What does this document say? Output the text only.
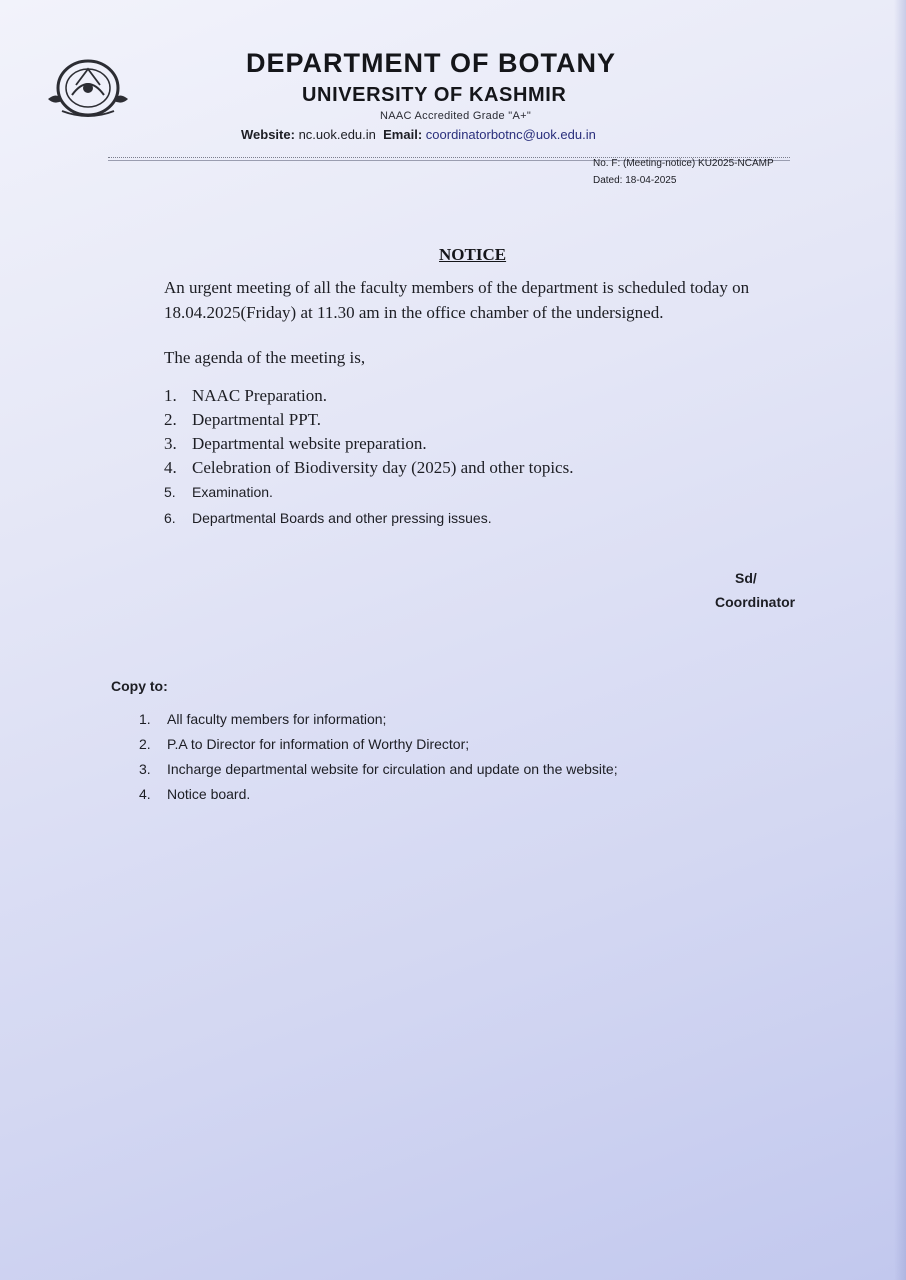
DEPARTMENT OF BOTANY
UNIVERSITY OF KASHMIR
NAAC Accredited Grade "A+"
Website: nc.uok.edu.in Email: coordinatorbotnc@uok.edu.in
No. F: (Meeting-notice) KU2025-NCAMP
Dated: 18-04-2025
NOTICE
An urgent meeting of all the faculty members of the department is scheduled today on 18.04.2025(Friday) at 11.30 am in the office chamber of the undersigned.
The agenda of the meeting is,
1. NAAC Preparation.
2. Departmental PPT.
3. Departmental website preparation.
4. Celebration of Biodiversity day (2025) and other topics.
5.	Examination.
6.	Departmental Boards and other pressing issues.
Sd/
Coordinator
Copy to:
1. All faculty members for information;
2. P.A to Director for information of Worthy Director;
3. Incharge departmental website for circulation and update on the website;
4. Notice board.
